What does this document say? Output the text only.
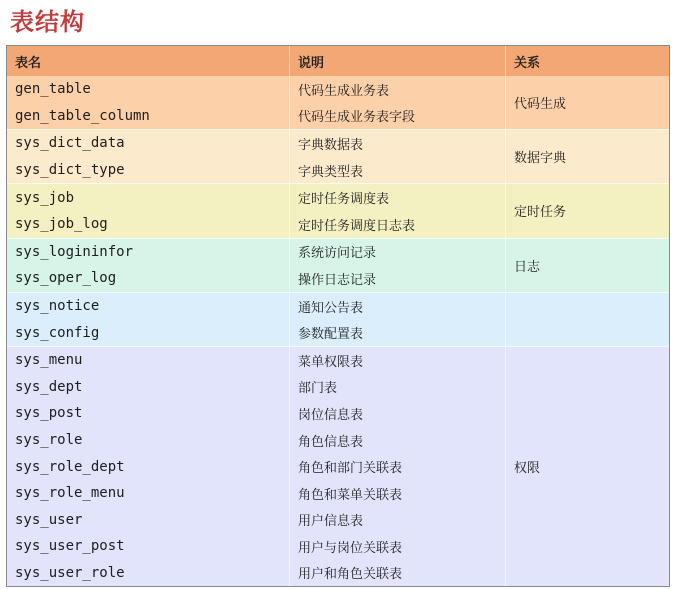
表结构
表名	说明	关系
gen_table	代码生成业务表
gen_table_column	代码生成业务表字段
代码生成
sys_dict_data	字典数据表
sys_dict_type	字典类型表
数据字典
sys_job	定时任务调度表
sys_job_log	定时任务调度日志表
定时任务
sys_logininfor	系统访问记录
sys_oper_log	操作日志记录
日志
sys_notice	通知公告表
sys_config	参数配置表
sys_menu	菜单权限表
sys_dept	部门表
sys_post	岗位信息表
sys_role	角色信息表
sys_role_dept	角色和部门关联表
sys_role_menu	角色和菜单关联表
sys_user	用户信息表
sys_user_post	用户与岗位关联表
sys_user_role	用户和角色关联表
权限
